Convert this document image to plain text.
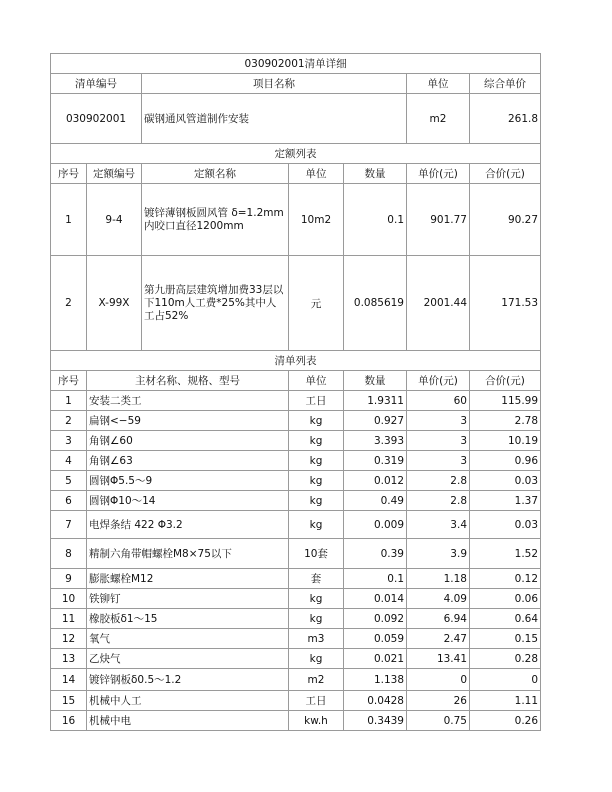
030902001清单详细						
清单编号		项目名称			单位	综合单价
030902001		碳钢通风管道制作安装			m2	261.8
定额列表						
序号	定额编号	定额名称	单位	数量	单价(元)	合价(元)
1	9-4	镀锌薄钢板圆风管 δ=1.2mm内咬口直径1200mm	10m2	0.1	901.77	90.27
2	X-99X	第九册高层建筑增加费33层以下110m人工费*25%其中人工占52%	元	0.085619	2001.44	171.53
清单列表						
序号	主材名称、规格、型号		单位	数量	单价(元)	合价(元)
1	安装二类工		工日	1.9311	60	115.99
2	扁钢<−59		kg	0.927	3	2.78
3	角钢∠60		kg	3.393	3	10.19
4	角钢∠63		kg	0.319	3	0.96
5	圆钢Φ5.5～9		kg	0.012	2.8	0.03
6	圆钢Φ10～14		kg	0.49	2.8	1.37
7	电焊条结 422 Φ3.2		kg	0.009	3.4	0.03
8	精制六角带帽螺栓M8×75以下		10套	0.39	3.9	1.52
9	膨胀螺栓M12		套	0.1	1.18	0.12
10	铁铆钉		kg	0.014	4.09	0.06
11	橡胶板δ1～15		kg	0.092	6.94	0.64
12	氧气		m3	0.059	2.47	0.15
13	乙炔气		kg	0.021	13.41	0.28
14	镀锌钢板δ0.5～1.2		m2	1.138	0	0
15	机械中人工		工日	0.0428	26	1.11
16	机械中电		kw.h	0.3439	0.75	0.26
